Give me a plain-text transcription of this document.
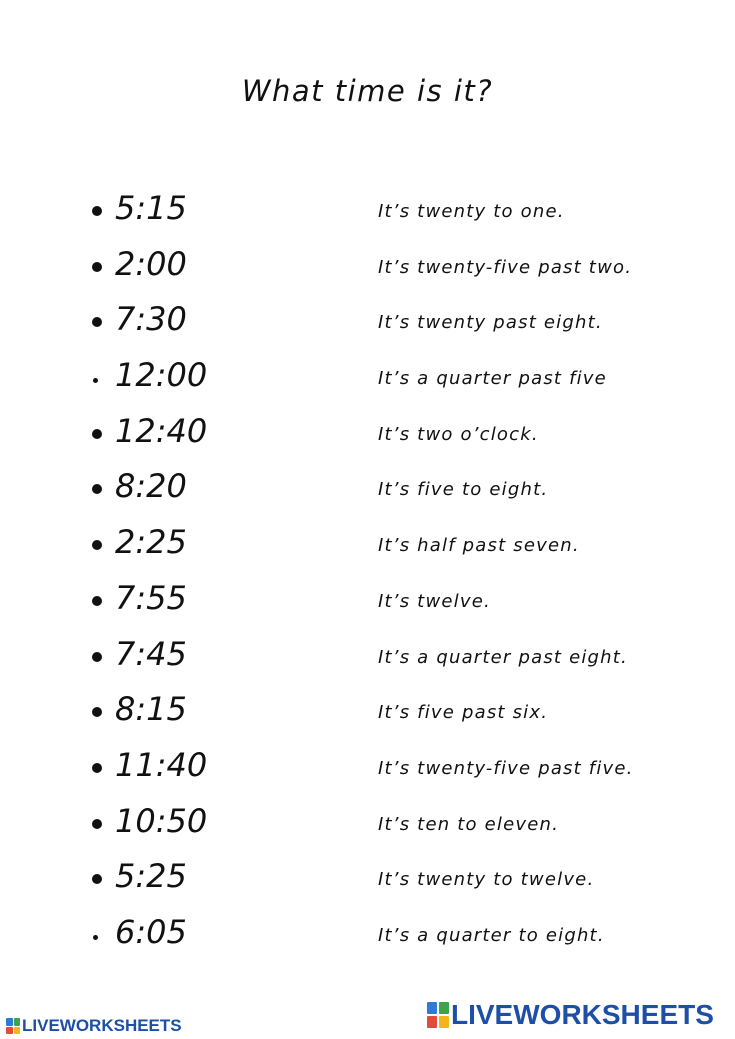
What time is it?
5:15	It’s twenty to one.
2:00	It’s twenty-five past two.
7:30	It’s twenty past eight.
12:00	It’s a quarter past five
12:40	It’s two o’clock.
8:20	It’s five to eight.
2:25	It’s half past seven.
7:55	It’s twelve.
7:45	It’s a quarter past eight.
8:15	It’s five past six.
11:40	It’s twenty-five past five.
10:50	It’s ten to eleven.
5:25	It’s twenty to twelve.
6:05	It’s a quarter to eight.
LIVEWORKSHEETS	LIVEWORKSHEETS
